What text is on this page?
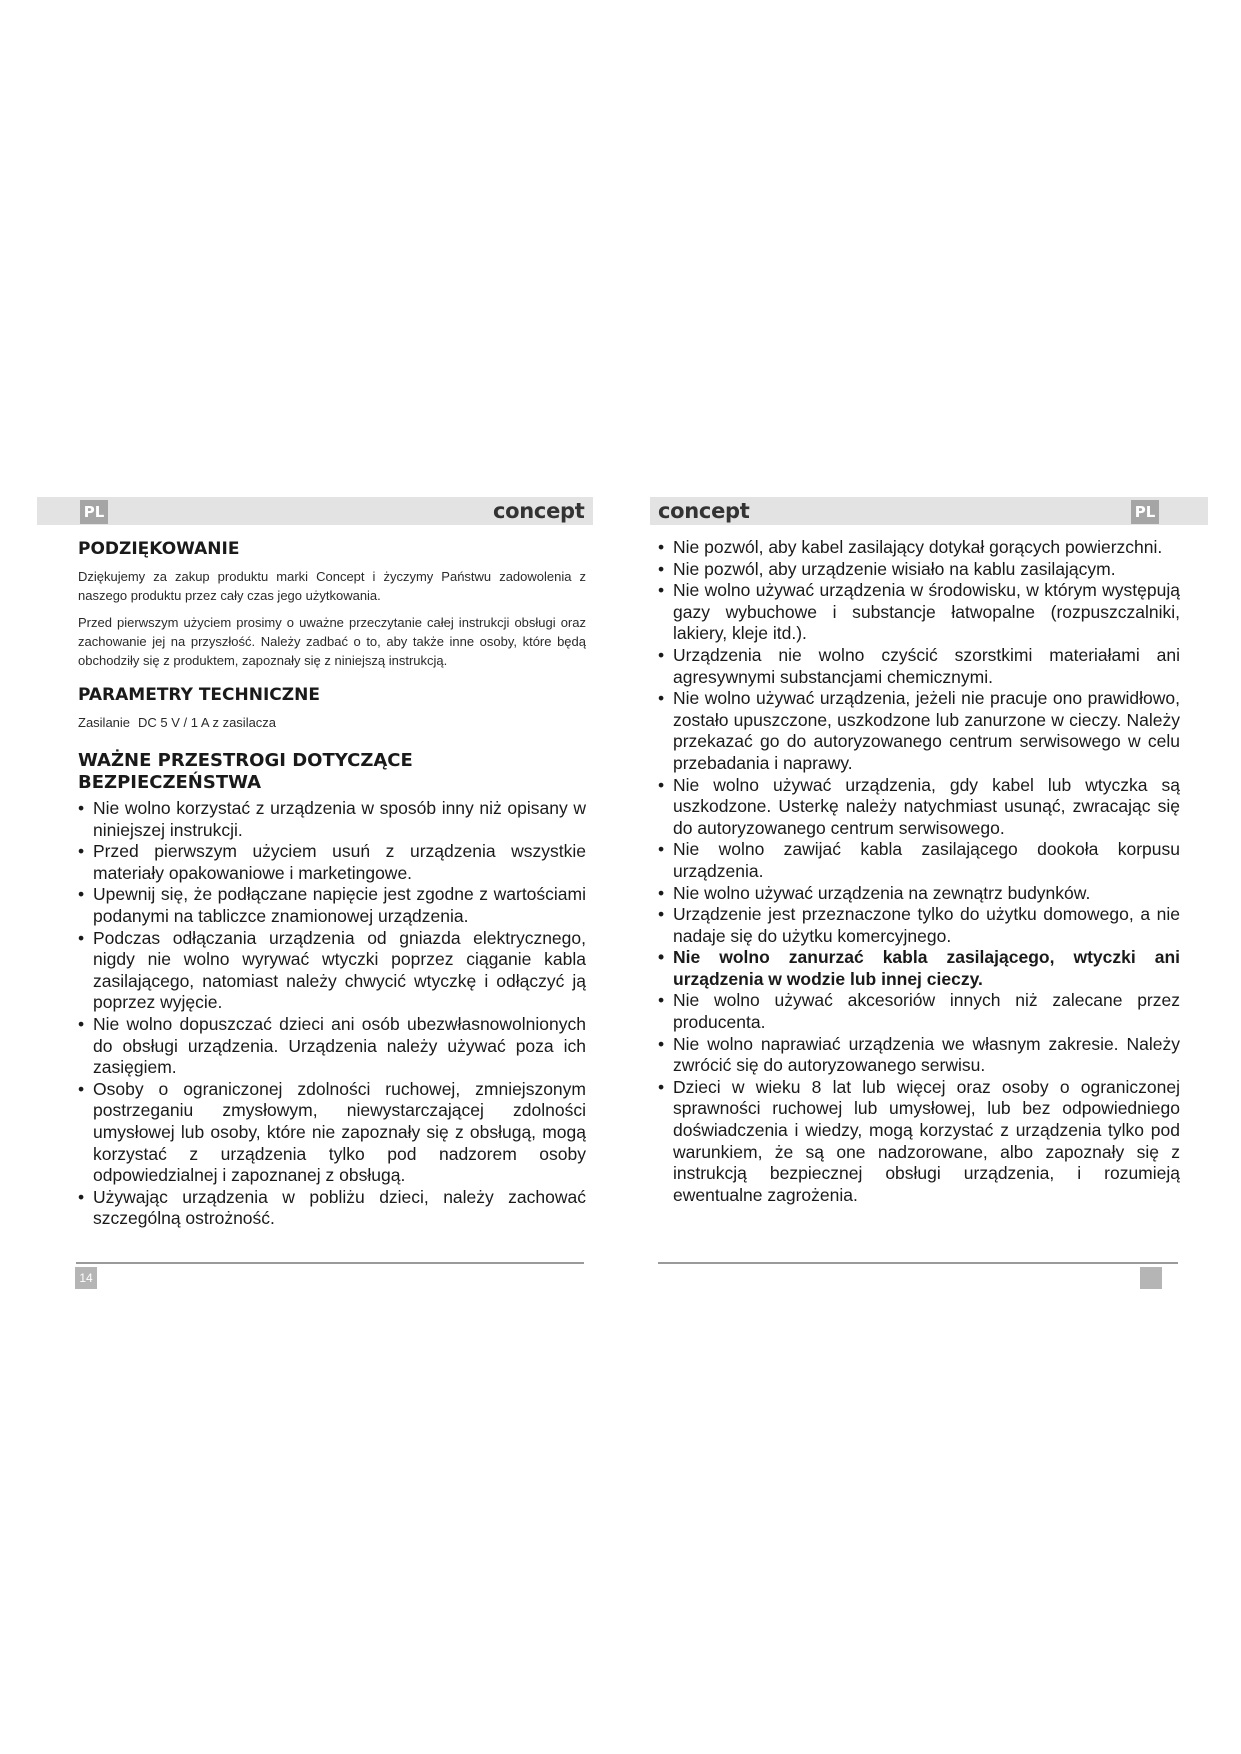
PL	PL
concept	concept
PODZIĘKOWANIE

Dziękujemy za zakup produktu marki Concept i życzymy Państwu zadowolenia z naszego produktu przez cały czas jego użytkowania.

Przed pierwszym użyciem prosimy o uważne przeczytanie całej instrukcji obsługi oraz zachowanie jej na przyszłość. Należy zadbać o to, aby także inne osoby, które będą obchodziły się z produktem, zapoznały się z niniejszą instrukcją.

PARAMETRY TECHNICZNE
Zasilanie DC 5 V / 1 A z zasilacza
WAŻNE PRZESTROGI DOTYCZĄCE BEZPIECZEŃSTWA
• Nie wolno korzystać z urządzenia w sposób inny niż opisany w niniejszej instrukcji.
• Przed pierwszym użyciem usuń z urządzenia wszystkie materiały opakowaniowe i marketingowe.
• Upewnij się, że podłączane napięcie jest zgodne z wartościami podanymi na tabliczce znamionowej urządzenia.
• Podczas odłączania urządzenia od gniazda elektrycznego, nigdy nie wolno wyrywać wtyczki poprzez ciąganie kabla zasilającego, natomiast należy chwycić wtyczkę i odłączyć ją poprzez wyjęcie.
• Nie wolno dopuszczać dzieci ani osób ubezwłasnowolnionych do obsługi urządzenia. Urządzenia należy używać poza ich zasięgiem.
• Osoby o ograniczonej zdolności ruchowej, zmniejszonym postrzeganiu zmysłowym, niewystarczającej zdolności umysłowej lub osoby, które nie zapoznały się z obsługą, mogą korzystać z urządzenia tylko pod nadzorem osoby odpowiedzialnej i zapoznanej z obsługą.
• Używając urządzenia w pobliżu dzieci, należy zachować szczególną ostrożność.
• Nie pozwól, aby kabel zasilający dotykał gorących powierzchni.
• Nie pozwól, aby urządzenie wisiało na kablu zasilającym.
• Nie wolno używać urządzenia w środowisku, w którym występują gazy wybuchowe i substancje łatwopalne (rozpuszczalniki, lakiery, kleje itd.).
• Urządzenia nie wolno czyścić szorstkimi materiałami ani agresywnymi substancjami chemicznymi.
• Nie wolno używać urządzenia, jeżeli nie pracuje ono prawidłowo, zostało upuszczone, uszkodzone lub zanurzone w cieczy. Należy przekazać go do autoryzowanego centrum serwisowego w celu przebadania i naprawy.
• Nie wolno używać urządzenia, gdy kabel lub wtyczka są uszkodzone. Usterkę należy natychmiast usunąć, zwracając się do autoryzowanego centrum serwisowego.
• Nie wolno zawijać kabla zasilającego dookoła korpusu urządzenia.
• Nie wolno używać urządzenia na zewnątrz budynków.
• Urządzenie jest przeznaczone tylko do użytku domowego, a nie nadaje się do użytku komercyjnego.
• Nie wolno zanurzać kabla zasilającego, wtyczki ani urządzenia w wodzie lub innej cieczy.
• Nie wolno używać akcesoriów innych niż zalecane przez producenta.
• Nie wolno naprawiać urządzenia we własnym zakresie. Należy zwrócić się do autoryzowanego serwisu.
• Dzieci w wieku 8 lat lub więcej oraz osoby o ograniczonej sprawności ruchowej lub umysłowej, lub bez odpowiedniego doświadczenia i wiedzy, mogą korzystać z urządzenia tylko pod warunkiem, że są one nadzorowane, albo zapoznały się z instrukcją bezpiecznej obsługi urządzenia, i rozumieją ewentualne zagrożenia.
14
